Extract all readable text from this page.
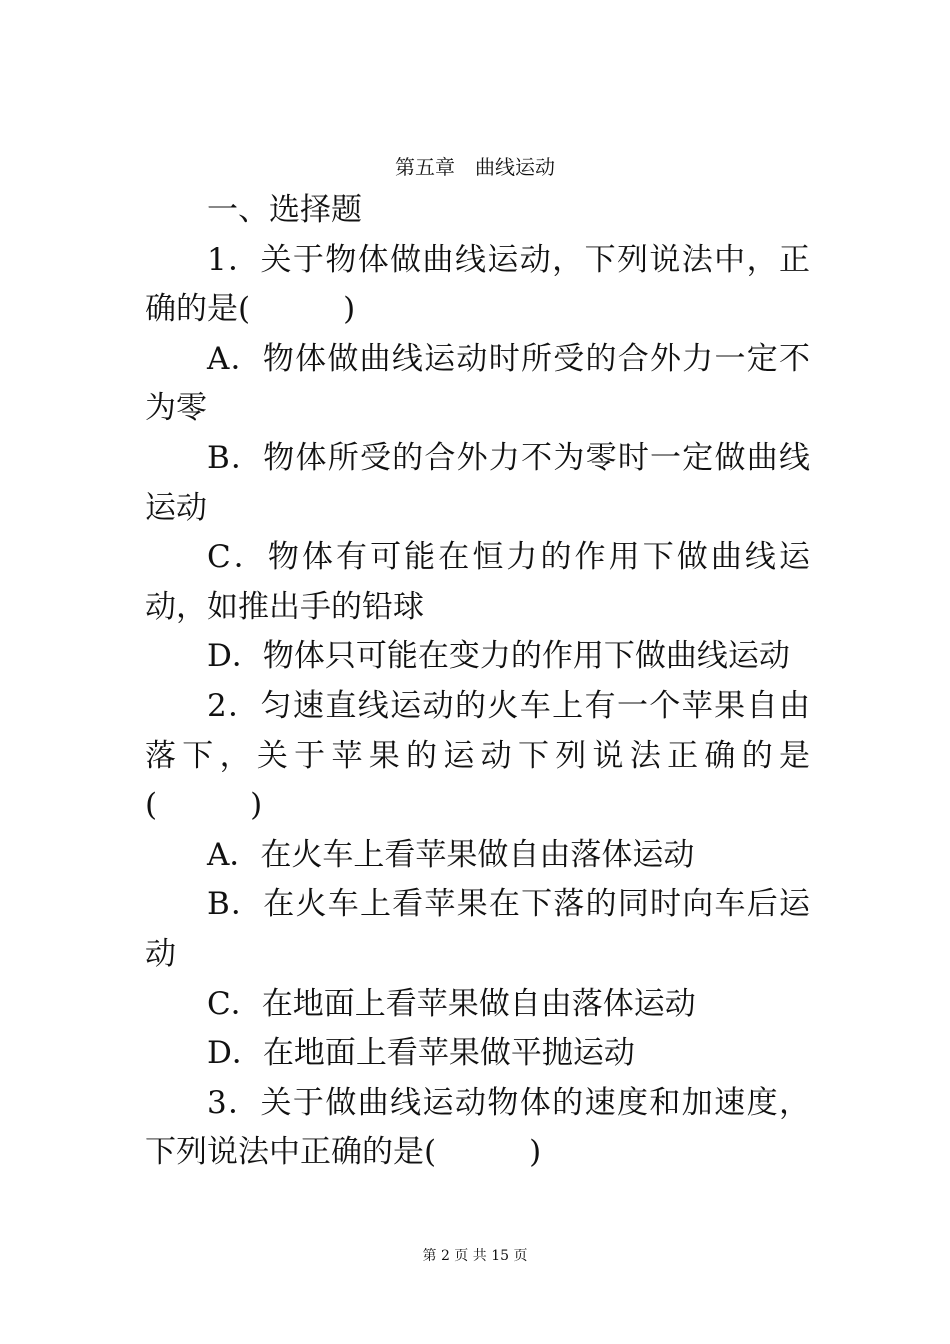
第五章　曲线运动

一、选择题

1．关于物体做曲线运动，下列说法中，正确的是(　　　)

A．物体做曲线运动时所受的合外力一定不为零

B．物体所受的合外力不为零时一定做曲线运动

C．物体有可能在恒力的作用下做曲线运动，如推出手的铅球

D．物体只可能在变力的作用下做曲线运动

2．匀速直线运动的火车上有一个苹果自由落下，关于苹果的运动下列说法正确的是(　　　)

A．在火车上看苹果做自由落体运动

B．在火车上看苹果在下落的同时向车后运动

C．在地面上看苹果做自由落体运动

D．在地面上看苹果做平抛运动

3．关于做曲线运动物体的速度和加速度，下列说法中正确的是(　　　)

第 2 页 共 15 页
